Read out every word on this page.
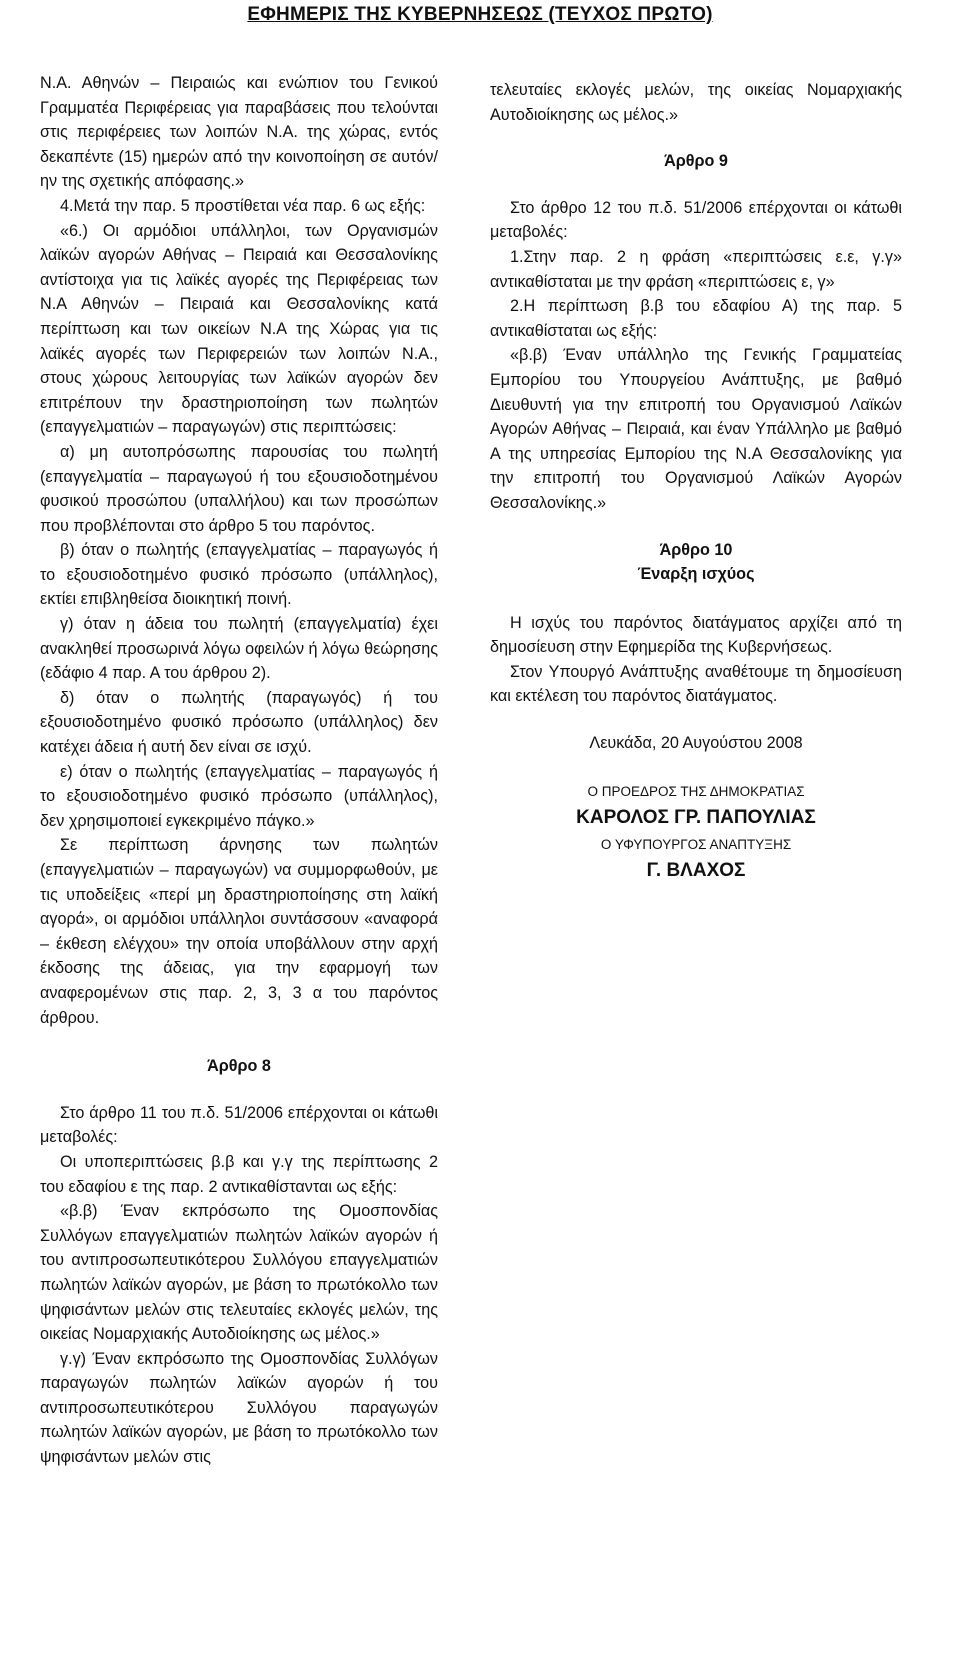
ΕΦΗΜΕΡΙΣ ΤΗΣ ΚΥΒΕΡΝΗΣΕΩΣ (ΤΕΥΧΟΣ ΠΡΩΤΟ)

Ν.Α. Αθηνών – Πειραιώς και ενώπιον του Γενικού Γραμματέα Περιφέρειας για παραβάσεις που τελούνται στις περιφέρειες των λοιπών Ν.Α. της χώρας, εντός δεκαπέντε (15) ημερών από την κοινοποίηση σε αυτόν/ην της σχετικής απόφασης.»

4.Μετά την παρ. 5 προστίθεται νέα παρ. 6 ως εξής:

«6.) Οι αρμόδιοι υπάλληλοι, των Οργανισμών λαϊκών αγορών Αθήνας – Πειραιά και Θεσσαλονίκης αντίστοιχα για τις λαϊκές αγορές της Περιφέρειας των Ν.Α Αθηνών – Πειραιά και Θεσσαλονίκης κατά περίπτωση και των οικείων Ν.Α της Χώρας για τις λαϊκές αγορές των Περιφερειών των λοιπών Ν.Α., στους χώρους λειτουργίας των λαϊκών αγορών δεν επιτρέπουν την δραστηριοποίηση των πωλητών (επαγγελματιών – παραγωγών) στις περιπτώσεις:

α) μη αυτοπρόσωπης παρουσίας του πωλητή (επαγγελματία – παραγωγού ή του εξουσιοδοτημένου φυσικού προσώπου (υπαλλήλου) και των προσώπων που προβλέπονται στο άρθρο 5 του παρόντος.

β) όταν ο πωλητής (επαγγελματίας – παραγωγός ή το εξουσιοδοτημένο φυσικό πρόσωπο (υπάλληλος), εκτίει επιβληθείσα διοικητική ποινή.

γ) όταν η άδεια του πωλητή (επαγγελματία) έχει ανακληθεί προσωρινά λόγω οφειλών ή λόγω θεώρησης (εδάφιο 4 παρ. Α του άρθρου 2).

δ) όταν ο πωλητής (παραγωγός) ή του εξουσιοδοτημένο φυσικό πρόσωπο (υπάλληλος) δεν κατέχει άδεια ή αυτή δεν είναι σε ισχύ.

ε) όταν ο πωλητής (επαγγελματίας – παραγωγός ή το εξουσιοδοτημένο φυσικό πρόσωπο (υπάλληλος), δεν χρησιμοποιεί εγκεκριμένο πάγκο.»

Σε περίπτωση άρνησης των πωλητών (επαγγελματιών – παραγωγών) να συμμορφωθούν, με τις υποδείξεις «περί μη δραστηριοποίησης στη λαϊκή αγορά», οι αρμόδιοι υπάλληλοι συντάσσουν «αναφορά – έκθεση ελέγχου» την οποία υποβάλλουν στην αρχή έκδοσης της άδειας, για την εφαρμογή των αναφερομένων στις παρ. 2, 3, 3 α του παρόντος άρθρου.

Άρθρο 8

Στο άρθρο 11 του π.δ. 51/2006 επέρχονται οι κάτωθι μεταβολές:

Οι υποπεριπτώσεις β.β και γ.γ της περίπτωσης 2 του εδαφίου ε της παρ. 2 αντικαθίστανται ως εξής:

«β.β) Έναν εκπρόσωπο της Ομοσπονδίας Συλλόγων επαγγελματιών πωλητών λαϊκών αγορών ή του αντιπροσωπευτικότερου Συλλόγου επαγγελματιών πωλητών λαϊκών αγορών, με βάση το πρωτόκολλο των ψηφισάντων μελών στις τελευταίες εκλογές μελών, της οικείας Νομαρχιακής Αυτοδιοίκησης ως μέλος.»

γ.γ) Έναν εκπρόσωπο της Ομοσπονδίας Συλλόγων παραγωγών πωλητών λαϊκών αγορών ή του αντιπροσωπευτικότερου Συλλόγου παραγωγών πωλητών λαϊκών αγορών, με βάση το πρωτόκολλο των ψηφισάντων μελών στις

τελευταίες εκλογές μελών, της οικείας Νομαρχιακής Αυτοδιοίκησης ως μέλος.»

Άρθρο 9

Στο άρθρο 12 του π.δ. 51/2006 επέρχονται οι κάτωθι μεταβολές:

1.Στην παρ. 2 η φράση «περιπτώσεις ε.ε, γ.γ» αντικαθίσταται με την φράση «περιπτώσεις ε, γ»

2.Η περίπτωση β.β του εδαφίου Α) της παρ. 5 αντικαθίσταται ως εξής:

«β.β) Έναν υπάλληλο της Γενικής Γραμματείας Εμπορίου του Υπουργείου Ανάπτυξης, με βαθμό Διευθυντή για την επιτροπή του Οργανισμού Λαϊκών Αγορών Αθήνας – Πειραιά, και έναν Υπάλληλο με βαθμό Α της υπηρεσίας Εμπορίου της Ν.Α Θεσσαλονίκης για την επιτροπή του Οργανισμού Λαϊκών Αγορών Θεσσαλονίκης.»

Άρθρο 10

Έναρξη ισχύος

Η ισχύς του παρόντος διατάγματος αρχίζει από τη δημοσίευση στην Εφημερίδα της Κυβερνήσεως.

Στον Υπουργό Ανάπτυξης αναθέτουμε τη δημοσίευση και εκτέλεση του παρόντος διατάγματος.

Λευκάδα, 20 Αυγούστου 2008

Ο ΠΡΟΕΔΡΟΣ ΤΗΣ ΔΗΜΟΚΡΑΤΙΑΣ

ΚΑΡΟΛΟΣ ΓΡ. ΠΑΠΟΥΛΙΑΣ

Ο ΥΦΥΠΟΥΡΓΟΣ ΑΝΑΠΤΥΞΗΣ

Γ. ΒΛΑΧΟΣ
